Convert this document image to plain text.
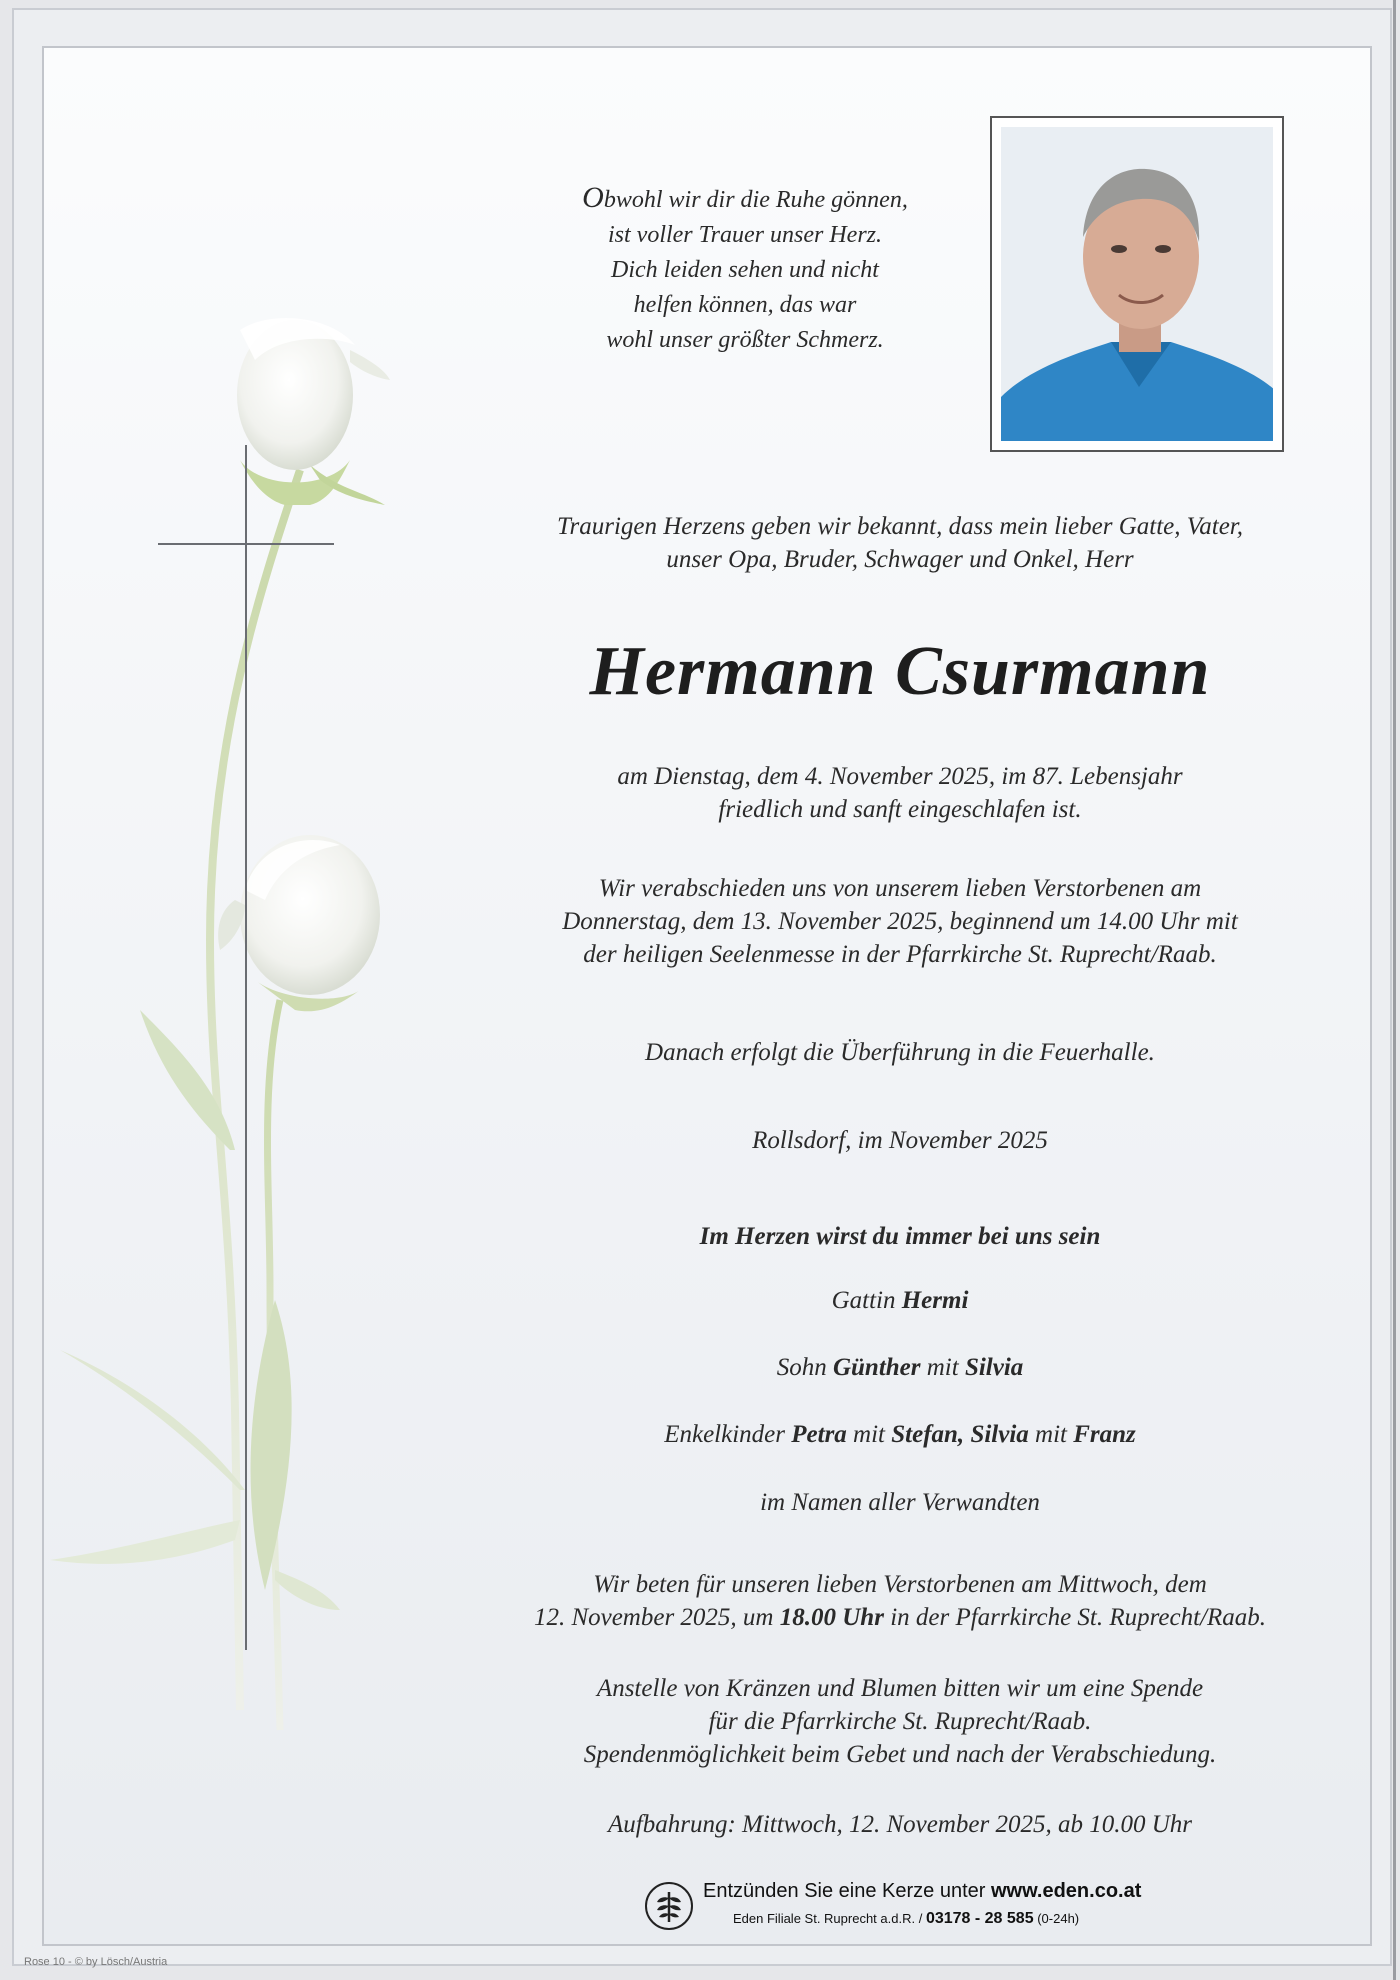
Obwohl wir dir die Ruhe gönnen,
ist voller Trauer unser Herz.
Dich leiden sehen und nicht
helfen können, das war
wohl unser größter Schmerz.
Traurigen Herzens geben wir bekannt, dass mein lieber Gatte, Vater,
unser Opa, Bruder, Schwager und Onkel, Herr
Hermann Csurmann
am Dienstag, dem 4. November 2025, im 87. Lebensjahr
friedlich und sanft eingeschlafen ist.
Wir verabschieden uns von unserem lieben Verstorbenen am
Donnerstag, dem 13. November 2025, beginnend um 14.00 Uhr mit
der heiligen Seelenmesse in der Pfarrkirche St. Ruprecht/Raab.
Danach erfolgt die Überführung in die Feuerhalle.
Rollsdorf, im November 2025
Im Herzen wirst du immer bei uns sein
Gattin Hermi
Sohn Günther mit Silvia
Enkelkinder Petra mit Stefan, Silvia mit Franz
im Namen aller Verwandten
Wir beten für unseren lieben Verstorbenen am Mittwoch, dem
12. November 2025, um 18.00 Uhr in der Pfarrkirche St. Ruprecht/Raab.
Anstelle von Kränzen und Blumen bitten wir um eine Spende
für die Pfarrkirche St. Ruprecht/Raab.
Spendenmöglichkeit beim Gebet und nach der Verabschiedung.
Aufbahrung: Mittwoch, 12. November 2025, ab 10.00 Uhr
Entzünden Sie eine Kerze unter www.eden.co.at
Eden Filiale St. Ruprecht a.d.R. / 03178 - 28 585 (0-24h)
Rose 10 - © by Lösch/Austria
